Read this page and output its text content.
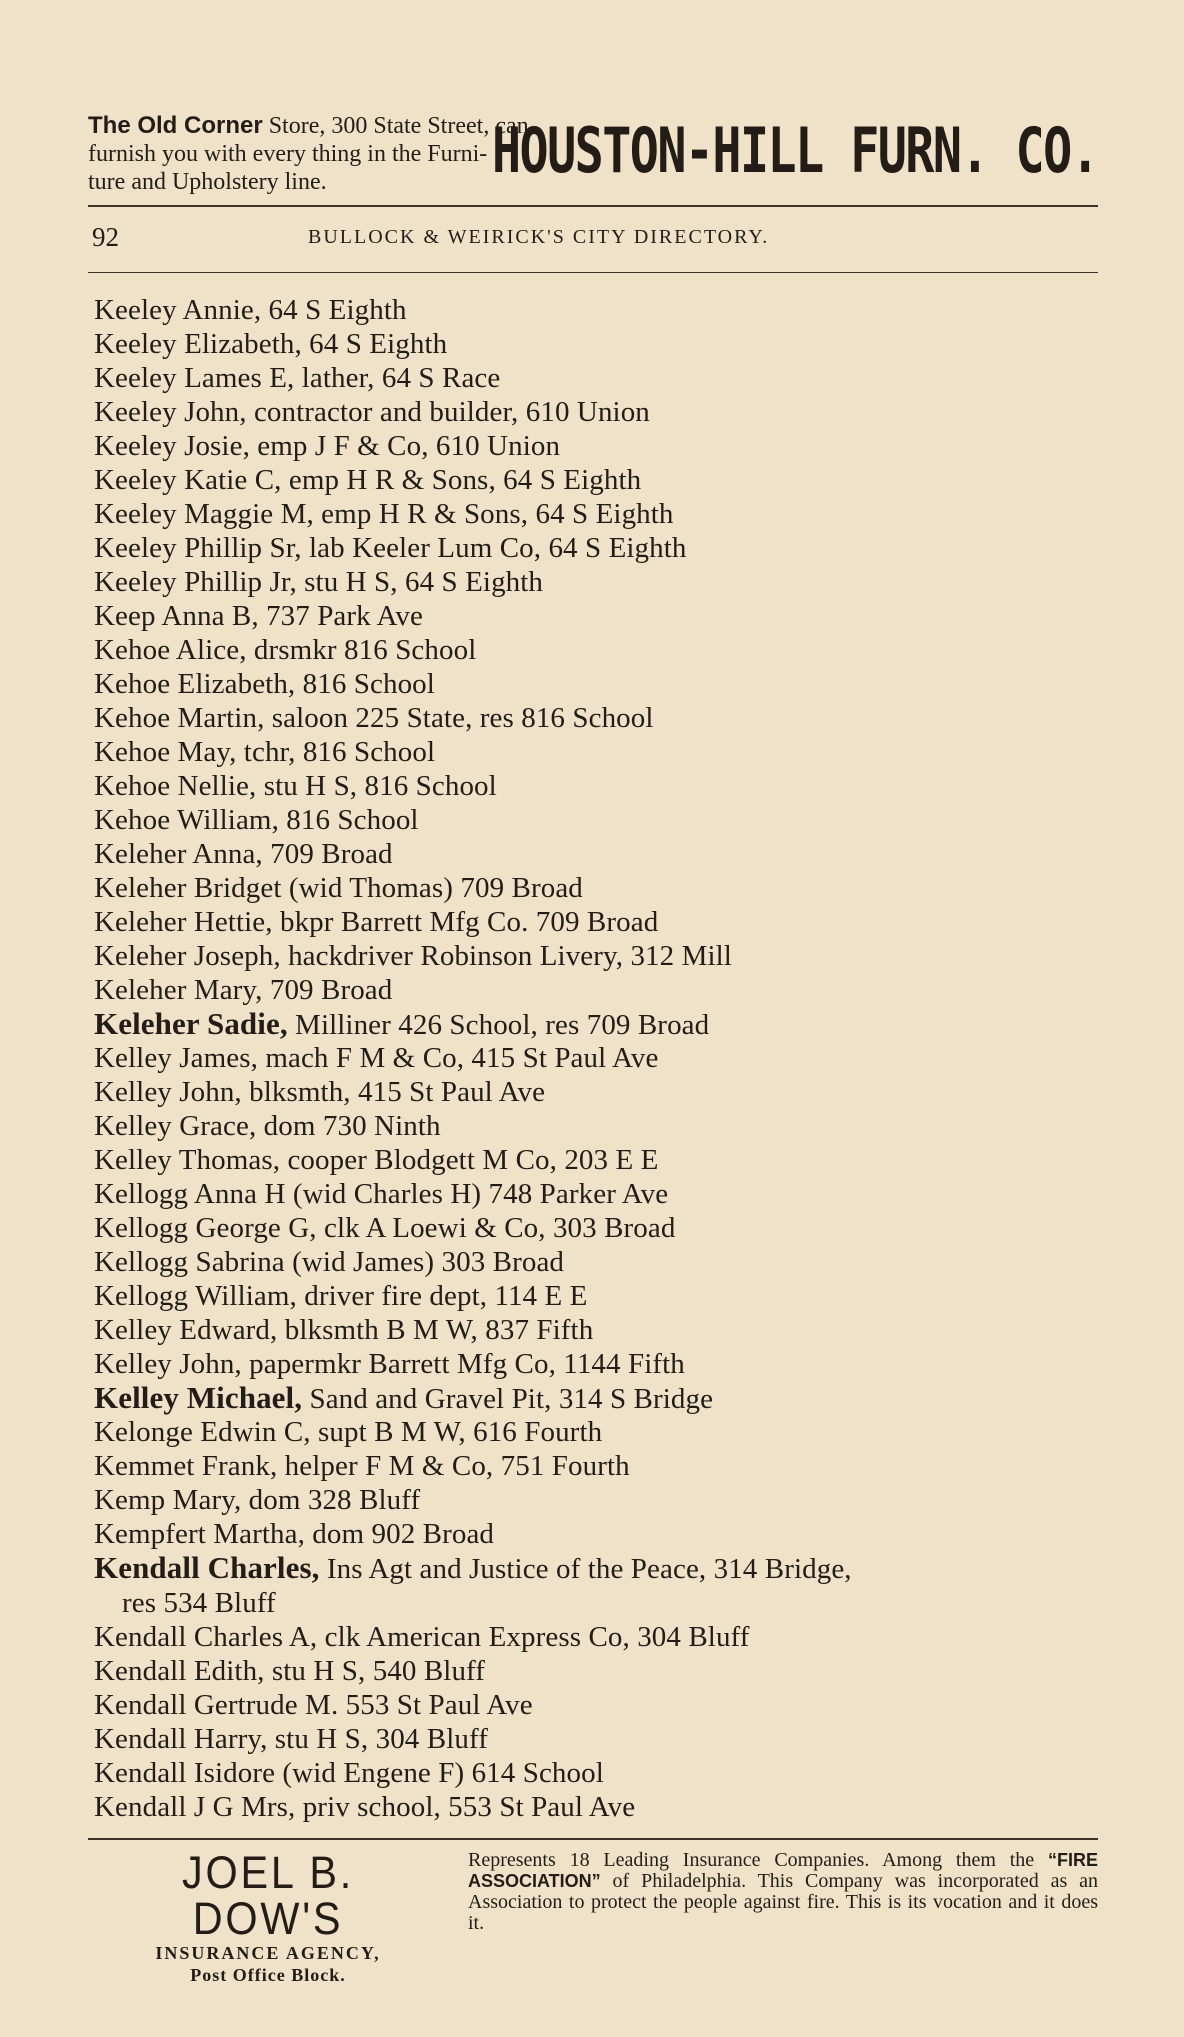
The Old Corner Store, 300 State Street, can
furnish you with every thing in the Furni-
ture and Upholstery line.	HOUSTON-HILL FURN. CO.
92	BULLOCK & WEIRICK'S CITY DIRECTORY.
Keeley Annie, 64 S Eighth
Keeley Elizabeth, 64 S Eighth
Keeley Lames E, lather, 64 S Race
Keeley John, contractor and builder, 610 Union
Keeley Josie, emp J F & Co, 610 Union
Keeley Katie C, emp H R & Sons, 64 S Eighth
Keeley Maggie M, emp H R & Sons, 64 S Eighth
Keeley Phillip Sr, lab Keeler Lum Co, 64 S Eighth
Keeley Phillip Jr, stu H S, 64 S Eighth
Keep Anna B, 737 Park Ave
Kehoe Alice, drsmkr 816 School
Kehoe Elizabeth, 816 School
Kehoe Martin, saloon 225 State, res 816 School
Kehoe May, tchr, 816 School
Kehoe Nellie, stu H S, 816 School
Kehoe William, 816 School
Keleher Anna, 709 Broad
Keleher Bridget (wid Thomas) 709 Broad
Keleher Hettie, bkpr Barrett Mfg Co. 709 Broad
Keleher Joseph, hackdriver Robinson Livery, 312 Mill
Keleher Mary, 709 Broad
Keleher Sadie, Milliner 426 School, res 709 Broad
Kelley James, mach F M & Co, 415 St Paul Ave
Kelley John, blksmth, 415 St Paul Ave
Kelley Grace, dom 730 Ninth
Kelley Thomas, cooper Blodgett M Co, 203 E E
Kellogg Anna H (wid Charles H) 748 Parker Ave
Kellogg George G, clk A Loewi & Co, 303 Broad
Kellogg Sabrina (wid James) 303 Broad
Kellogg William, driver fire dept, 114 E E
Kelley Edward, blksmth B M W, 837 Fifth
Kelley John, papermkr Barrett Mfg Co, 1144 Fifth
Kelley Michael, Sand and Gravel Pit, 314 S Bridge
Kelonge Edwin C, supt B M W, 616 Fourth
Kemmet Frank, helper F M & Co, 751 Fourth
Kemp Mary, dom 328 Bluff
Kempfert Martha, dom 902 Broad
Kendall Charles, Ins Agt and Justice of the Peace, 314 Bridge,
res 534 Bluff
Kendall Charles A, clk American Express Co, 304 Bluff
Kendall Edith, stu H S, 540 Bluff
Kendall Gertrude M. 553 St Paul Ave
Kendall Harry, stu H S, 304 Bluff
Kendall Isidore (wid Engene F) 614 School
Kendall J G Mrs, priv school, 553 St Paul Ave
JOEL B. DOW'S
INSURANCE AGENCY,
Post Office Block.
Represents 18 Leading Insurance Companies. Among them the “FIRE ASSOCIATION” of Philadelphia. This Company was incorporated as an Association to protect the people against fire. This is its vocation and it does it.
